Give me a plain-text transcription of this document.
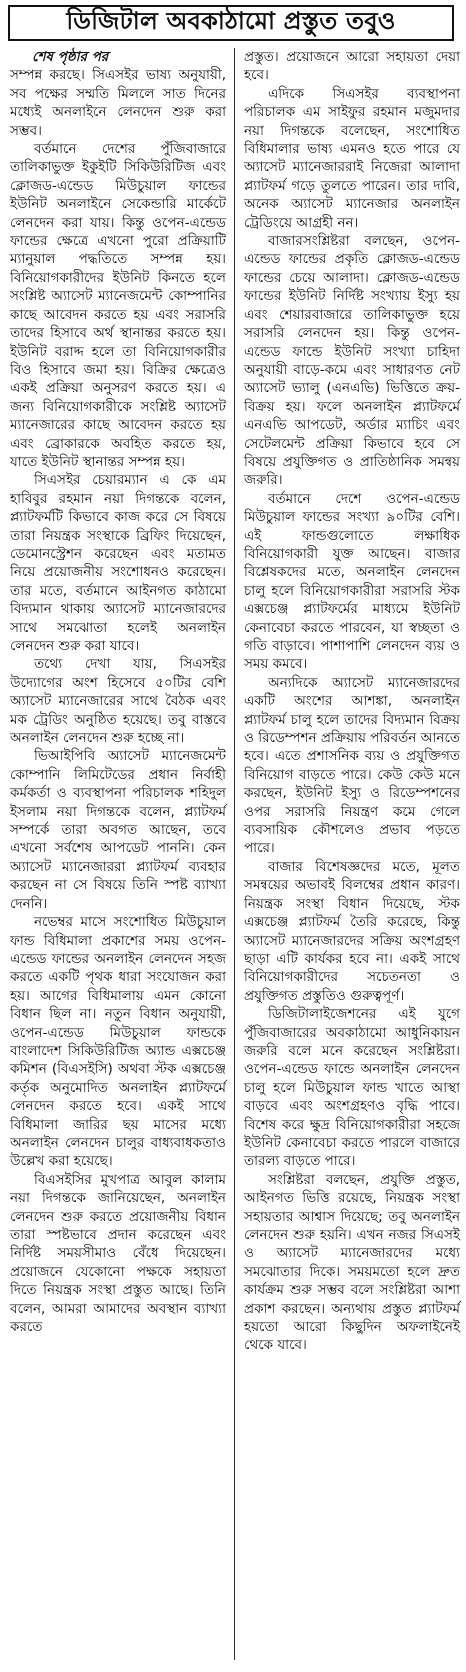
ডিজিটাল অবকাঠামো প্রস্তুত তবুও
শেষ পৃষ্ঠার পর

সম্পন্ন করছে। সিএসইর ভাষ্য অনুযায়ী, সব পক্ষের সম্মতি মিললে সাত দিনের মধ্যেই অনলাইনে লেনদেন শুরু করা সম্ভব।

বর্তমানে দেশের পুঁজিবাজারে তালিকাভুক্ত ইকুইটি সিকিউরিটিজ এবং ক্লোজড-এন্ডেড মিউচুয়াল ফান্ডের ইউনিট অনলাইনে সেকেন্ডারি মার্কেটে লেনদেন করা যায়। কিন্তু ওপেন-এন্ডেড ফান্ডের ক্ষেত্রে এখনো পুরো প্রক্রিয়াটি ম্যানুয়াল পদ্ধতিতে সম্পন্ন হয়। বিনিয়োগকারীদের ইউনিট কিনতে হলে সংশ্লিষ্ট অ্যাসেট ম্যানেজমেন্ট কোম্পানির কাছে আবেদন করতে হয় এবং সরাসরি তাদের হিসাবে অর্থ স্থানান্তর করতে হয়। ইউনিট বরাদ্দ হলে তা বিনিয়োগকারীর বিও হিসাবে জমা হয়। বিক্রির ক্ষেত্রেও একই প্রক্রিয়া অনুসরণ করতে হয়। এ জন্য বিনিয়োগকারীকে সংশ্লিষ্ট অ্যাসেট ম্যানেজারের কাছে আবেদন করতে হয় এবং ব্রোকারকে অবহিত করতে হয়, যাতে ইউনিট স্থানান্তর সম্পন্ন হয়।

সিএসইর চেয়ারম্যান এ কে এম হাবিবুর রহমান নয়া দিগন্তকে বলেন, প্ল্যাটফর্মটি কিভাবে কাজ করে সে বিষয়ে তারা নিয়ন্ত্রক সংস্থাকে ব্রিফিং দিয়েছেন, ডেমোনস্ট্রেশন করেছেন এবং মতামত নিয়ে প্রয়োজনীয় সংশোধনও করেছেন। তার মতে, বর্তমানে আইনগত কাঠামো বিদ্যমান থাকায় অ্যাসেট ম্যানেজারদের সাথে সমঝোতা হলেই অনলাইন লেনদেন শুরু করা যাবে।

তথ্যে দেখা যায়, সিএসইর উদ্যোগের অংশ হিসেবে ৫০টির বেশি অ্যাসেট ম্যানেজারের সাথে বৈঠক এবং মক ট্রেডিং অনুষ্ঠিত হয়েছে। তবু বাস্তবে অনলাইন লেনদেন শুরু হচ্ছে না।

ভিআইপিবি অ্যাসেট ম্যানেজমেন্ট কোম্পানি লিমিটেডের প্রধান নির্বাহী কর্মকর্তা ও ব্যবস্থাপনা পরিচালক শহিদুল ইসলাম নয়া দিগন্তকে বলেন, প্ল্যাটফর্ম সম্পর্কে তারা অবগত আছেন, তবে এখনো সর্বশেষ আপডেট পাননি। কেন অ্যাসেট ম্যানেজাররা প্ল্যাটফর্ম ব্যবহার করছেন না সে বিষয়ে তিনি স্পষ্ট ব্যাখ্যা দেননি।

নভেম্বর মাসে সংশোধিত মিউচুয়াল ফান্ড বিধিমালা প্রকাশের সময় ওপেন-এন্ডেড ফান্ডের অনলাইন লেনদেন সহজ করতে একটি পৃথক ধারা সংযোজন করা হয়। আগের বিধিমালায় এমন কোনো বিধান ছিল না। নতুন বিধান অনুযায়ী, ওপেন-এন্ডেড মিউচুয়াল ফান্ডকে বাংলাদেশ সিকিউরিটিজ অ্যান্ড এক্সচেঞ্জ কমিশন (বিএসইসি) অথবা স্টক এক্সচেঞ্জ কর্তৃক অনুমোদিত অনলাইন প্ল্যাটফর্মে লেনদেন করতে হবে। একই সাথে বিধিমালা জারির ছয় মাসের মধ্যে অনলাইন লেনদেন চালুর বাধ্যবাধকতাও উল্লেখ করা হয়েছে।

বিএসইসির মুখপাত্র আবুল কালাম নয়া দিগন্তকে জানিয়েছেন, অনলাইন লেনদেন শুরু করতে প্রয়োজনীয় বিধান তারা স্পষ্টভাবে প্রদান করেছেন এবং নির্দিষ্ট সময়সীমাও বেঁধে দিয়েছেন। প্রয়োজনে যেকোনো পক্ষকে সহায়তা দিতে নিয়ন্ত্রক সংস্থা প্রস্তুত আছে। তিনি বলেন, আমরা আমাদের অবস্থান ব্যাখ্যা করতে

প্রস্তুত। প্রয়োজনে আরো সহায়তা দেয়া হবে।

এদিকে সিএসইর ব্যবস্থাপনা পরিচালক এম সাইফুর রহমান মজুমদার নয়া দিগন্তকে বলেছেন, সংশোধিত বিধিমালার ভাষ্য এমনও হতে পারে যে অ্যাসেট ম্যানেজাররাই নিজেরা আলাদা প্ল্যাটফর্ম গড়ে তুলতে পারেন। তার দাবি, অনেক অ্যাসেট ম্যানেজার অনলাইন ট্রেডিংয়ে আগ্রহী নন।

বাজারসংশ্লিষ্টরা বলছেন, ওপেন-এন্ডেড ফান্ডের প্রকৃতি ক্লোজড-এন্ডেড ফান্ডের চেয়ে আলাদা। ক্লোজড-এন্ডেড ফান্ডের ইউনিট নির্দিষ্ট সংখ্যায় ইস্যু হয় এবং শেয়ারবাজারে তালিকাভুক্ত হয়ে সরাসরি লেনদেন হয়। কিন্তু ওপেন-এন্ডেড ফান্ডে ইউনিট সংখ্যা চাহিদা অনুযায়ী বাড়ে-কমে এবং সাধারণত নেট অ্যাসেট ভ্যালু (এনএভি) ভিত্তিতে ক্রয়-বিক্রয় হয়। ফলে অনলাইন প্ল্যাটফর্মে এনএভি আপডেট, অর্ডার ম্যাচিং এবং সেটেলমেন্ট প্রক্রিয়া কিভাবে হবে সে বিষয়ে প্রযুক্তিগত ও প্রাতিষ্ঠানিক সমন্বয় জরুরি।

বর্তমানে দেশে ওপেন-এন্ডেড মিউচুয়াল ফান্ডের সংখ্যা ৯০টির বেশি। এই ফান্ডগুলোতে লক্ষাধিক বিনিয়োগকারী যুক্ত আছেন। বাজার বিশ্লেষকদের মতে, অনলাইন লেনদেন চালু হলে বিনিয়োগকারীরা সরাসরি স্টক এক্সচেঞ্জ প্ল্যাটফর্মের মাধ্যমে ইউনিট কেনাবেচা করতে পারবেন, যা স্বচ্ছতা ও গতি বাড়াবে। পাশাপাশি লেনদেন ব্যয় ও সময় কমবে।

অন্যদিকে অ্যাসেট ম্যানেজারদের একটি অংশের আশঙ্কা, অনলাইন প্ল্যাটফর্ম চালু হলে তাদের বিদ্যমান বিক্রয় ও রিডেম্পশন প্রক্রিয়ায় পরিবর্তন আনতে হবে। এতে প্রশাসনিক ব্যয় ও প্রযুক্তিগত বিনিয়োগ বাড়তে পারে। কেউ কেউ মনে করছেন, ইউনিট ইস্যু ও রিডেম্পশনের ওপর সরাসরি নিয়ন্ত্রণ কমে গেলে ব্যবসায়িক কৌশলেও প্রভাব পড়তে পারে।

বাজার বিশেষজ্ঞদের মতে, মূলত সমন্বয়ের অভাবই বিলম্বের প্রধান কারণ। নিয়ন্ত্রক সংস্থা বিধান দিয়েছে, স্টক এক্সচেঞ্জ প্ল্যাটফর্ম তৈরি করেছে, কিন্তু অ্যাসেট ম্যানেজারদের সক্রিয় অংশগ্রহণ ছাড়া এটি কার্যকর হবে না। একই সাথে বিনিয়োগকারীদের সচেতনতা ও প্রযুক্তিগত প্রস্তুতিও গুরুত্বপূর্ণ।

ডিজিটালাইজেশনের এই যুগে পুঁজিবাজারের অবকাঠামো আধুনিকায়ন জরুরি বলে মনে করেছেন সংশ্লিষ্টরা। ওপেন-এন্ডেড ফান্ডে অনলাইন লেনদেন চালু হলে মিউচুয়াল ফান্ড খাতে আস্থা বাড়বে এবং অংশগ্রহণও বৃদ্ধি পাবে। বিশেষ করে ক্ষুদ্র বিনিয়োগকারীরা সহজে ইউনিট কেনাবেচা করতে পারলে বাজারে তারল্য বাড়তে পারে।

সংশ্লিষ্টরা বলছেন, প্রযুক্তি প্রস্তুত, আইনগত ভিত্তি রয়েছে, নিয়ন্ত্রক সংস্থা সহায়তার আশ্বাস দিয়েছে; তবু অনলাইন লেনদেন শুরু হয়নি। এখন নজর সিএসই ও অ্যাসেট ম্যানেজারদের মধ্যে সমঝোতার দিকে। সময়মতো হলে দ্রুত কার্যক্রম শুরু সম্ভব বলে সংশ্লিষ্টরা আশা প্রকাশ করছেন। অন্যথায় প্রস্তুত প্ল্যাটফর্ম হয়তো আরো কিছুদিন অফলাইনেই থেকে যাবে।
